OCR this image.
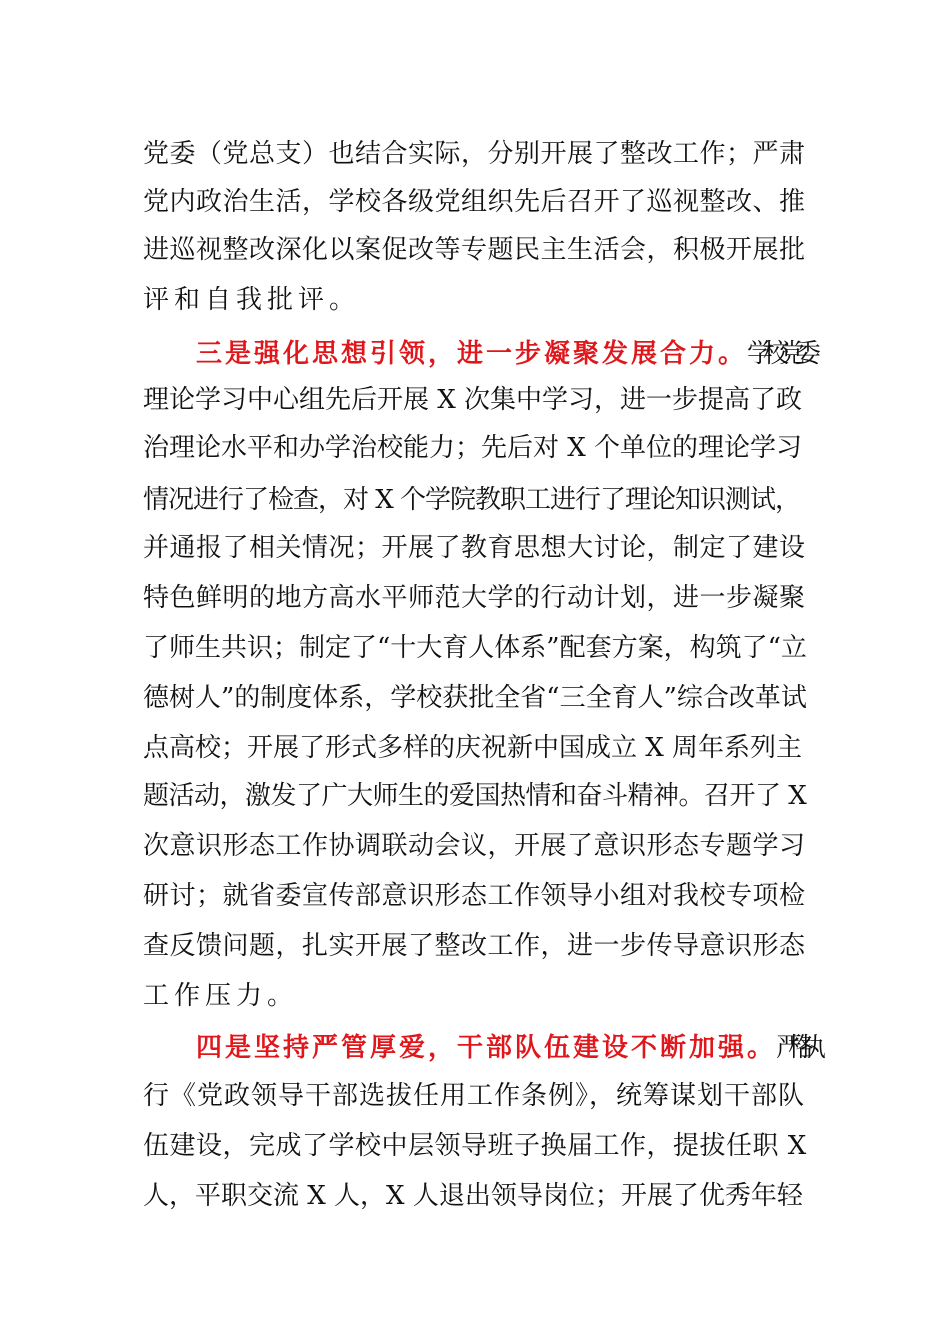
党委（党总支）也结合实际，分别开展了整改工作；严肃
党内政治生活，学校各级党组织先后召开了巡视整改、推
进巡视整改深化以案促改等专题民主生活会，积极开展批
评和自我批评。
三是强化思想引领，进一步凝聚发展合力。学校党委
理论学习中心组先后开展 X 次集中学习，进一步提高了政
治理论水平和办学治校能力；先后对 X 个单位的理论学习
情况进行了检查，对 X 个学院教职工进行了理论知识测试，
并通报了相关情况；开展了教育思想大讨论，制定了建设
特色鲜明的地方高水平师范大学的行动计划，进一步凝聚
了师生共识；制定了“十大育人体系”配套方案，构筑了“立
德树人”的制度体系，学校获批全省“三全育人”综合改革试
点高校；开展了形式多样的庆祝新中国成立 X 周年系列主
题活动，激发了广大师生的爱国热情和奋斗精神。召开了 X
次意识形态工作协调联动会议，开展了意识形态专题学习
研讨；就省委宣传部意识形态工作领导小组对我校专项检
查反馈问题，扎实开展了整改工作，进一步传导意识形态
工作压力。
四是坚持严管厚爱，干部队伍建设不断加强。严格执
行《党政领导干部选拔任用工作条例》，统筹谋划干部队
伍建设，完成了学校中层领导班子换届工作，提拔任职 X
人，平职交流 X 人，X 人退出领导岗位；开展了优秀年轻
